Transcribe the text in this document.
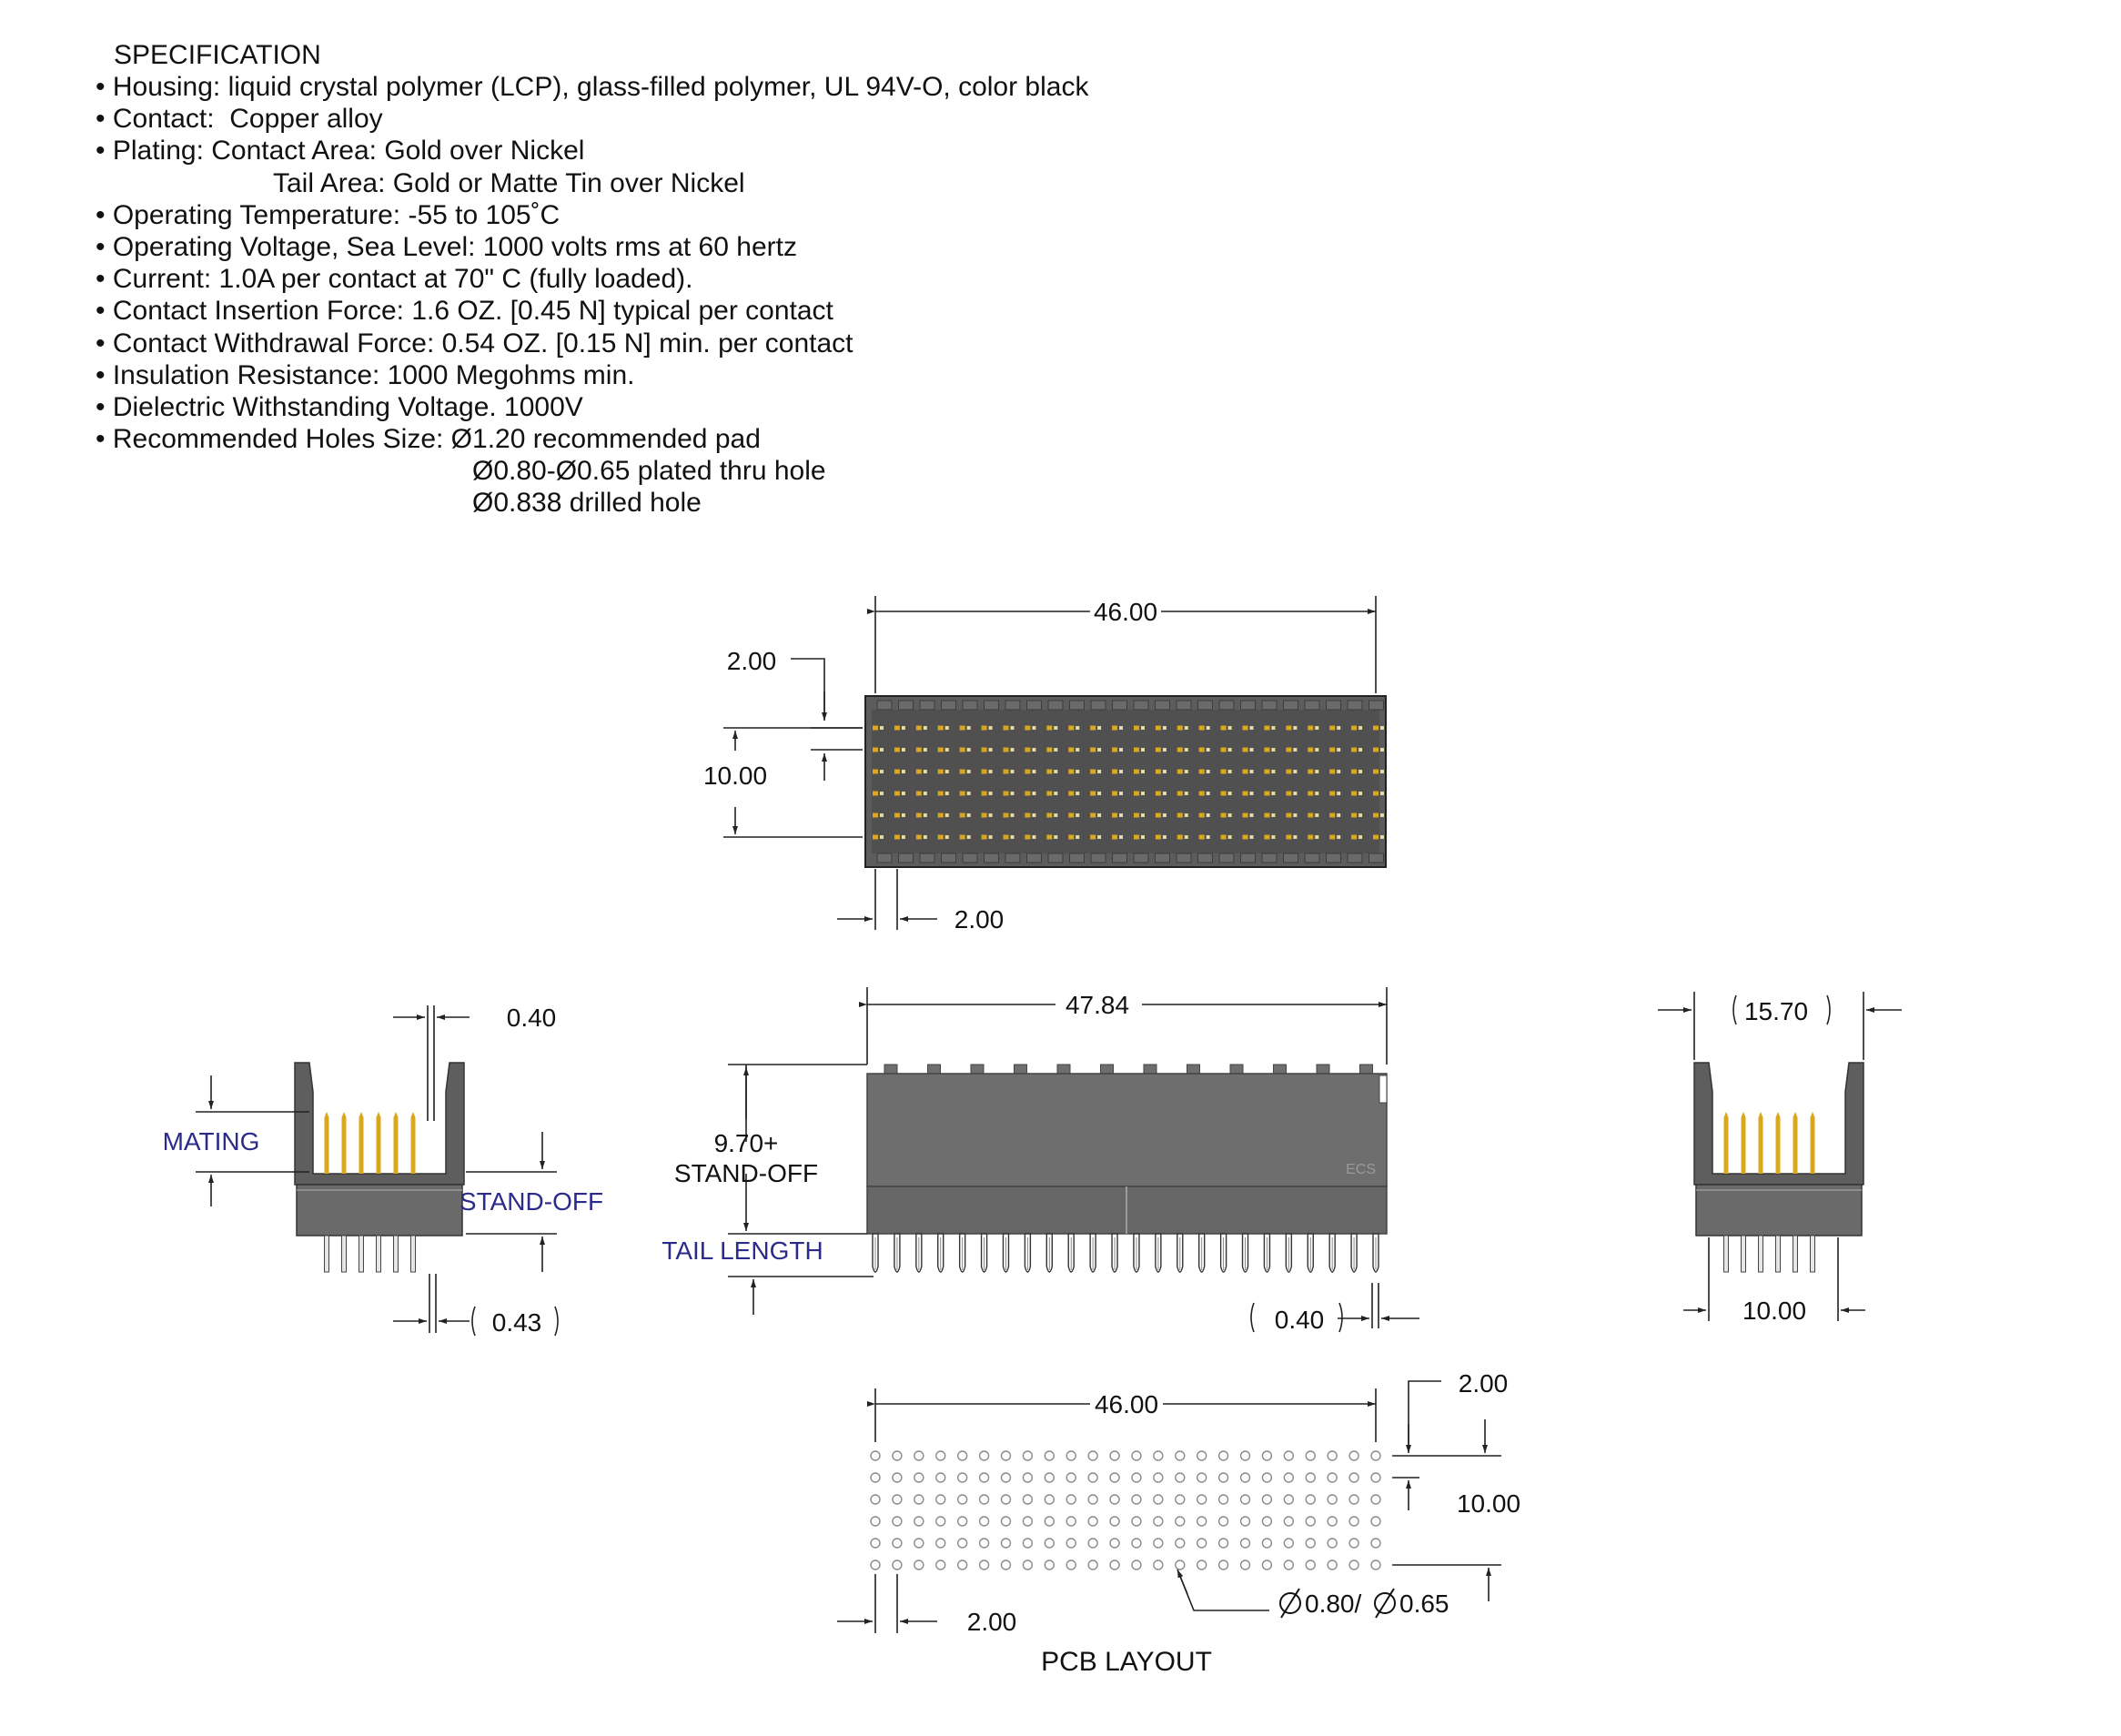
SPECIFICATION
• Housing: liquid crystal polymer (LCP), glass-filled polymer, UL 94V-O, color black
• Contact:  Copper alloy
• Plating: Contact Area: Gold over Nickel
Tail Area: Gold or Matte Tin over Nickel
• Operating Temperature: -55 to 105˚C
• Operating Voltage, Sea Level: 1000 volts rms at 60 hertz
• Current: 1.0A per contact at 70" C (fully loaded).
• Contact Insertion Force: 1.6 OZ. [0.45 N] typical per contact
• Contact Withdrawal Force: 0.54 OZ. [0.15 N] min. per contact
• Insulation Resistance: 1000 Megohms min.
• Dielectric Withstanding Voltage. 1000V
• Recommended Holes Size: Ø1.20 recommended pad
Ø0.80-Ø0.65 plated thru hole
Ø0.838 drilled hole
46.00
2.00
10.00
2.00
47.84
ECS
9.70+
STAND-OFF
TAIL LENGTH
0.40
0.40
MATING
STAND-OFF
0.43
15.70
10.00
46.00
2.00
10.00
2.00
0.80/ 0.65
PCB LAYOUT
